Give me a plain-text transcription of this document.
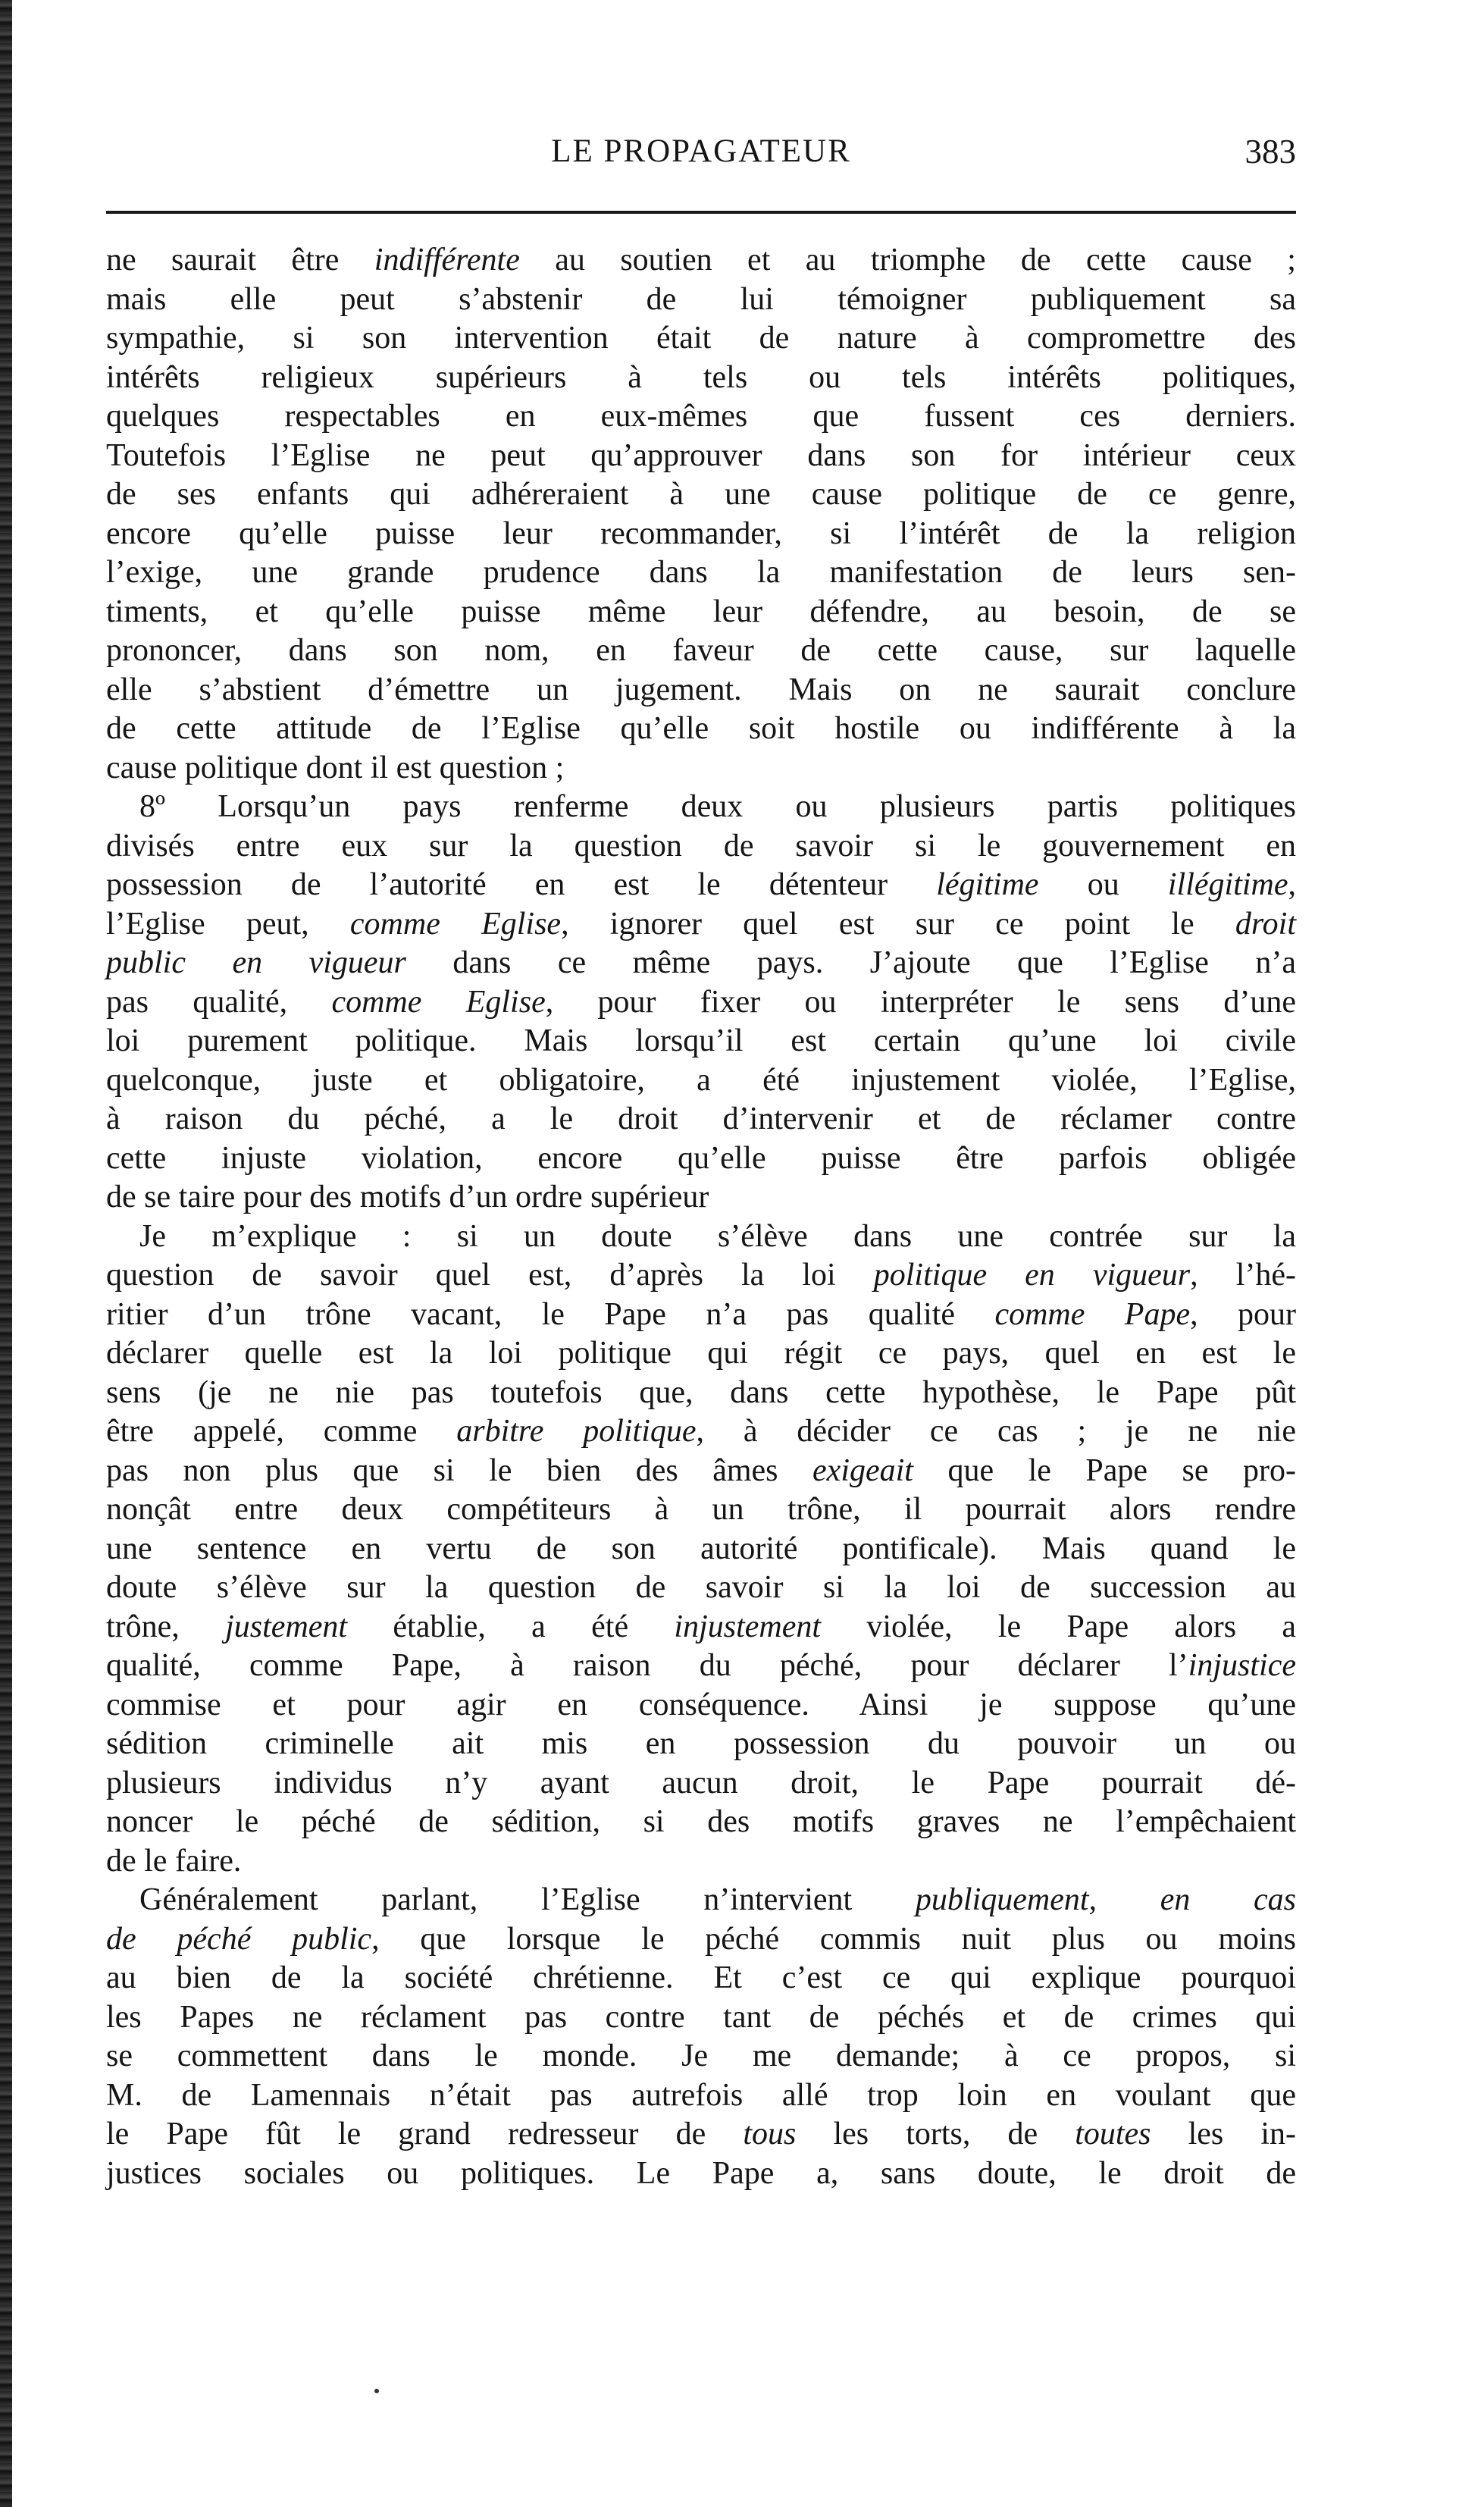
LE PROPAGATEUR	383
ne saurait être indifférente au soutien et au triomphe de cette cause ;
mais elle peut s’abstenir de lui témoigner publiquement sa
sympathie, si son intervention était de nature à compromettre des
intérêts religieux supérieurs à tels ou tels intérêts politiques,
quelques respectables en eux-mêmes que fussent ces derniers.
Toutefois l’Eglise ne peut qu’approuver dans son for intérieur ceux
de ses enfants qui adhéreraient à une cause politique de ce genre,
encore qu’elle puisse leur recommander, si l’intérêt de la religion
l’exige, une grande prudence dans la manifestation de leurs sen-
timents, et qu’elle puisse même leur défendre, au besoin, de se
prononcer, dans son nom, en faveur de cette cause, sur laquelle
elle s’abstient d’émettre un jugement. Mais on ne saurait conclure
de cette attitude de l’Eglise qu’elle soit hostile ou indifférente à la
cause politique dont il est question ;
8º Lorsqu’un pays renferme deux ou plusieurs partis politiques
divisés entre eux sur la question de savoir si le gouvernement en
possession de l’autorité en est le détenteur légitime ou illégitime,
l’Eglise peut, comme Eglise, ignorer quel est sur ce point le droit
public en vigueur dans ce même pays. J’ajoute que l’Eglise n’a
pas qualité, comme Eglise, pour fixer ou interpréter le sens d’une
loi purement politique. Mais lorsqu’il est certain qu’une loi civile
quelconque, juste et obligatoire, a été injustement violée, l’Eglise,
à raison du péché, a le droit d’intervenir et de réclamer contre
cette injuste violation, encore qu’elle puisse être parfois obligée
de se taire pour des motifs d’un ordre supérieur
Je m’explique : si un doute s’élève dans une contrée sur la
question de savoir quel est, d’après la loi politique en vigueur, l’hé-
ritier d’un trône vacant, le Pape n’a pas qualité comme Pape, pour
déclarer quelle est la loi politique qui régit ce pays, quel en est le
sens (je ne nie pas toutefois que, dans cette hypothèse, le Pape pût
être appelé, comme arbitre politique, à décider ce cas ; je ne nie
pas non plus que si le bien des âmes exigeait que le Pape se pro-
nonçât entre deux compétiteurs à un trône, il pourrait alors rendre
une sentence en vertu de son autorité pontificale). Mais quand le
doute s’élève sur la question de savoir si la loi de succession au
trône, justement établie, a été injustement violée, le Pape alors a
qualité, comme Pape, à raison du péché, pour déclarer l’injustice
commise et pour agir en conséquence. Ainsi je suppose qu’une
sédition criminelle ait mis en possession du pouvoir un ou
plusieurs individus n’y ayant aucun droit, le Pape pourrait dé-
noncer le péché de sédition, si des motifs graves ne l’empêchaient
de le faire.
Généralement parlant, l’Eglise n’intervient publiquement, en cas
de péché public, que lorsque le péché commis nuit plus ou moins
au bien de la société chrétienne. Et c’est ce qui explique pourquoi
les Papes ne réclament pas contre tant de péchés et de crimes qui
se commettent dans le monde. Je me demande; à ce propos, si
M. de Lamennais n’était pas autrefois allé trop loin en voulant que
le Pape fût le grand redresseur de tous les torts, de toutes les in-
justices sociales ou politiques. Le Pape a, sans doute, le droit de
